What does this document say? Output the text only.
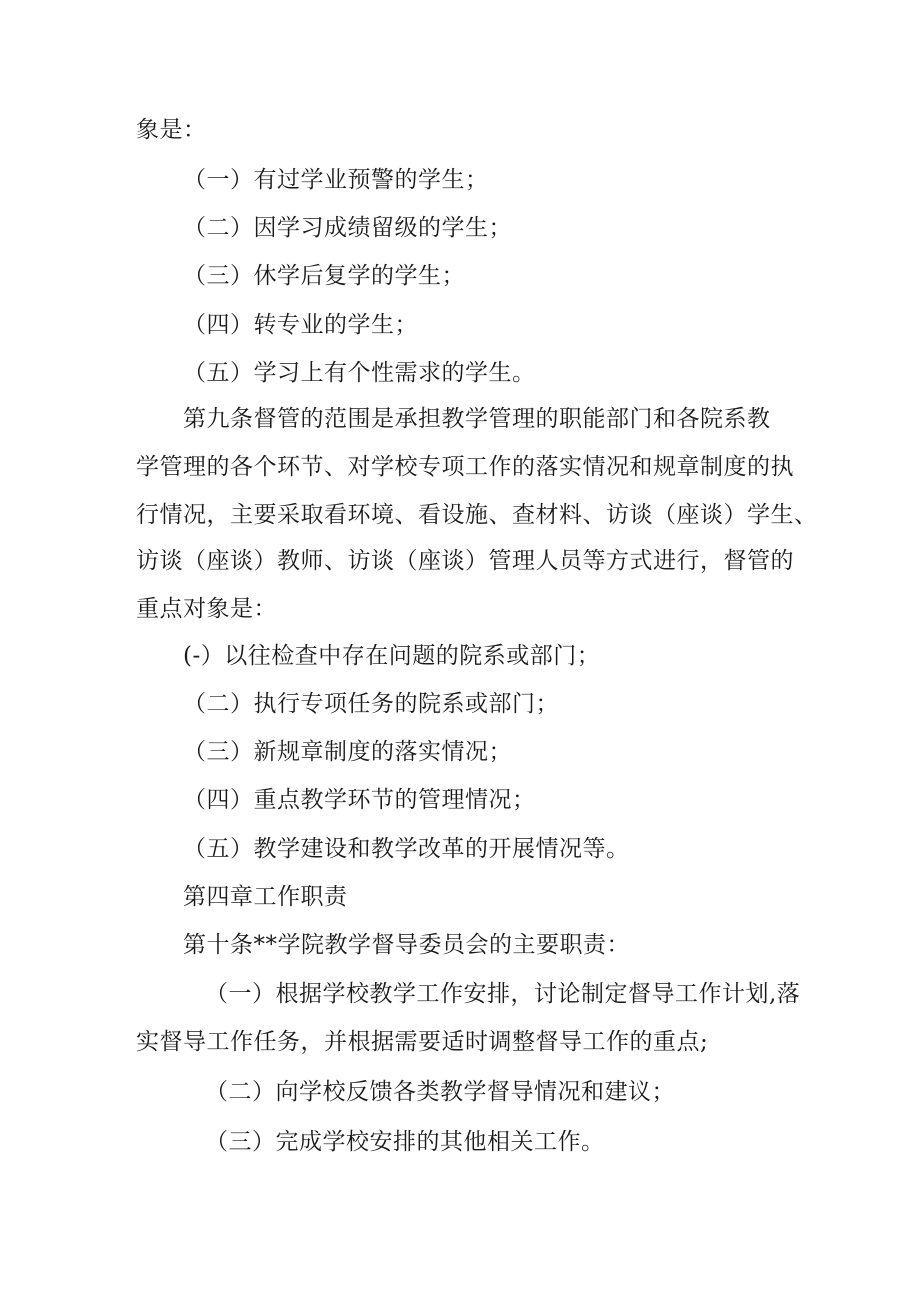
象是：
（一）有过学业预警的学生；
（二）因学习成绩留级的学生；
（三）休学后复学的学生；
（四）转专业的学生；
（五）学习上有个性需求的学生。
第九条督管的范围是承担教学管理的职能部门和各院系教
学管理的各个环节、对学校专项工作的落实情况和规章制度的执
行情况，主要采取看环境、看设施、查材料、访谈（座谈）学生、
访谈（座谈）教师、访谈（座谈）管理人员等方式进行，督管的
重点对象是：
(-）以往检查中存在问题的院系或部门；
（二）执行专项任务的院系或部门；
（三）新规章制度的落实情况；
（四）重点教学环节的管理情况；
（五）教学建设和教学改革的开展情况等。
第四章工作职责
第十条**学院教学督导委员会的主要职责：
（一）根据学校教学工作安排，讨论制定督导工作计划,落
实督导工作任务，并根据需要适时调整督导工作的重点;
（二）向学校反馈各类教学督导情况和建议；
（三）完成学校安排的其他相关工作。
